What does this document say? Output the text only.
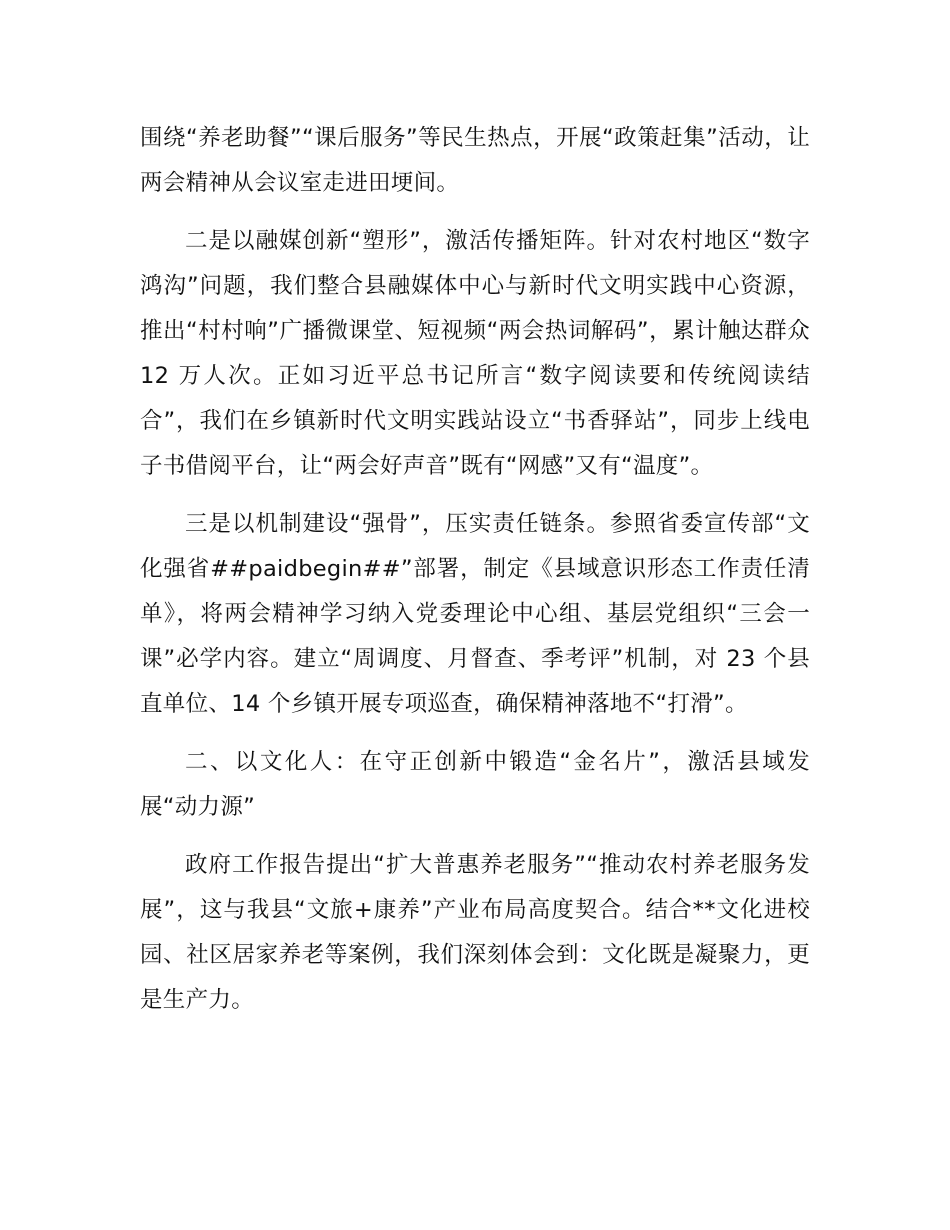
围绕“养老助餐”“课后服务”等民生热点，开展“政策赶集”活动，让两会精神从会议室走进田埂间。

二是以融媒创新“塑形”，激活传播矩阵。针对农村地区“数字鸿沟”问题，我们整合县融媒体中心与新时代文明实践中心资源，推出“村村响”广播微课堂、短视频“两会热词解码”，累计触达群众 12 万人次。正如习近平总书记所言“数字阅读要和传统阅读结合”，我们在乡镇新时代文明实践站设立“书香驿站”，同步上线电子书借阅平台，让“两会好声音”既有“网感”又有“温度”。

三是以机制建设“强骨”，压实责任链条。参照省委宣传部“文化强省##paidbegin##”部署，制定《县域意识形态工作责任清单》，将两会精神学习纳入党委理论中心组、基层党组织“三会一课”必学内容。建立“周调度、月督查、季考评”机制，对 23 个县直单位、14 个乡镇开展专项巡查，确保精神落地不“打滑”。

二、以文化人：在守正创新中锻造“金名片”，激活县域发展“动力源”

政府工作报告提出“扩大普惠养老服务”“推动农村养老服务发展”，这与我县“文旅+康养”产业布局高度契合。结合**文化进校园、社区居家养老等案例，我们深刻体会到：文化既是凝聚力，更是生产力。
